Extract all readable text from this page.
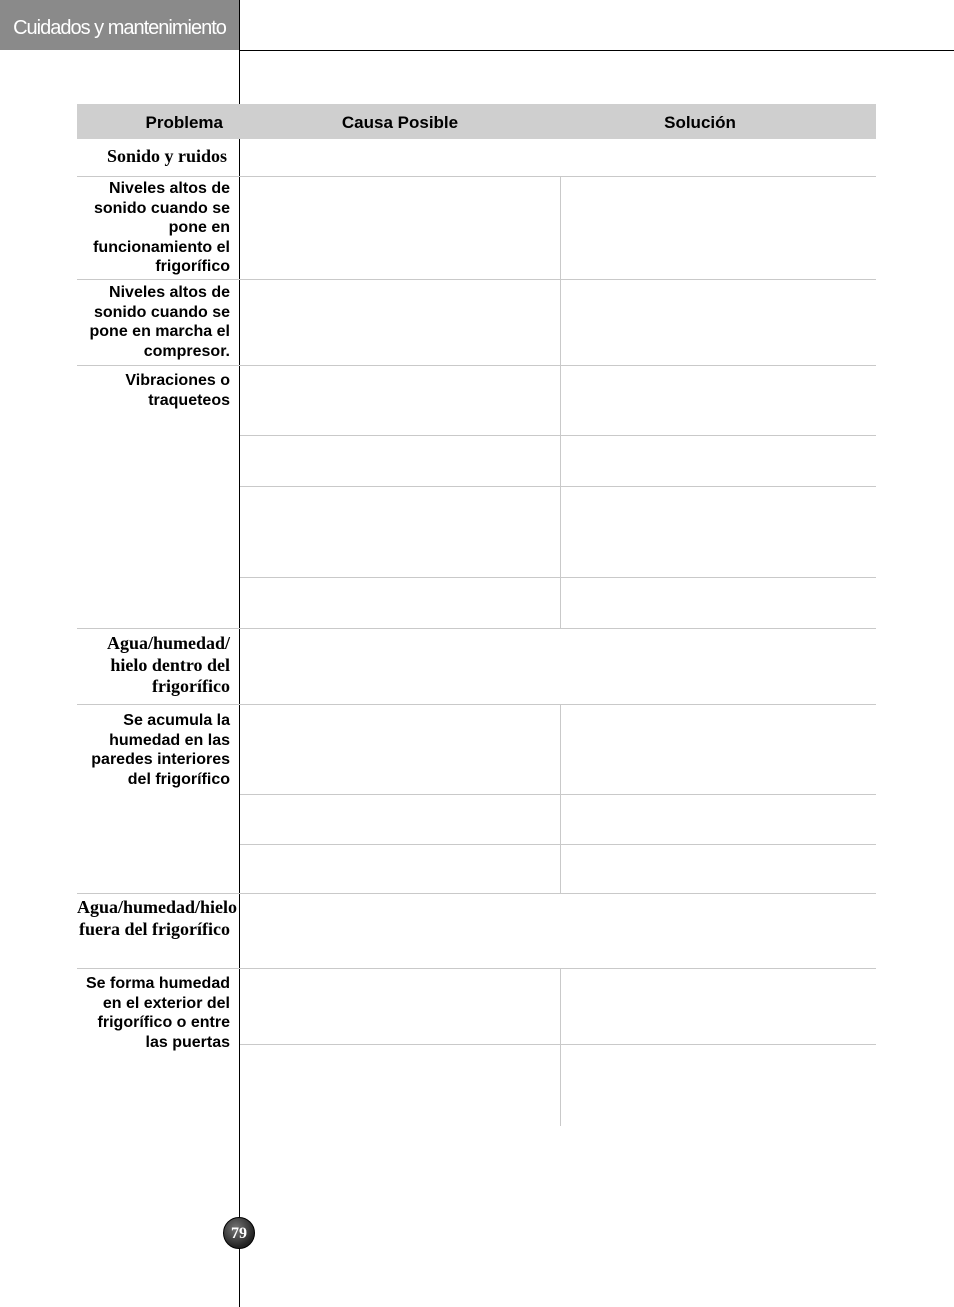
Cuidados y mantenimiento
Problema	Causa Posible	Solución
Sonido y ruidos
Niveles altos de sonido cuando se pone en funcionamiento el frigorífico
Niveles altos de sonido cuando se pone en marcha el compresor.
Vibraciones o traqueteos
Agua/humedad/ hielo dentro del frigorífico
Se acumula la humedad en las paredes interiores del frigorífico
Agua/humedad/hielo fuera del frigorífico
Se forma humedad en el exterior del frigorífico o entre las puertas
79
